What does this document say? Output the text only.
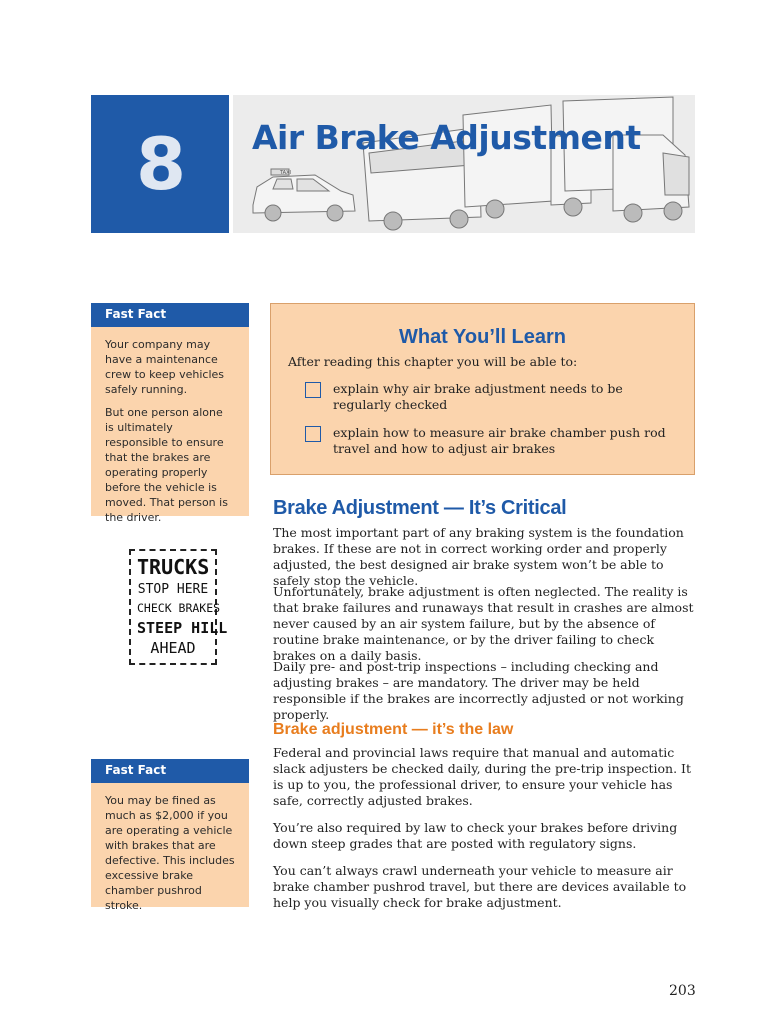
8	TAXI
Air Brake Adjustment
Fast Fact

Your company may have a maintenance crew to keep vehicles safely running.

But one person alone is ultimately responsible to ensure that the brakes are operating properly before the vehicle is moved. That person is the driver.

TRUCKS
STOP HERE
CHECK BRAKES
STEEP HILL
AHEAD
Fast Fact

You may be fined as much as $2,000 if you are operating a vehicle with brakes that are defective. This includes excessive brake chamber pushrod stroke.

What You’ll Learn
After reading this chapter you will be able to:
explain why air brake adjustment needs to be regularly checked
explain how to measure air brake chamber push rod travel and how to adjust air brakes
Brake Adjustment — It’s Critical

The most important part of any braking system is the foundation brakes. If these are not in correct working order and properly adjusted, the best designed air brake system won’t be able to safely stop the vehicle.

Unfortunately, brake adjustment is often neglected. The reality is that brake failures and runaways that result in crashes are almost never caused by an air system failure, but by the absence of routine brake maintenance, or by the driver failing to check brakes on a daily basis.

Daily pre- and post-trip inspections – including checking and adjusting brakes – are mandatory. The driver may be held responsible if the brakes are incorrectly adjusted or not working properly.

Brake adjustment — it’s the law

Federal and provincial laws require that manual and automatic slack adjusters be checked daily, during the pre-trip inspection. It is up to you, the professional driver, to ensure your vehicle has safe, correctly adjusted brakes.

You’re also required by law to check your brakes before driving down steep grades that are posted with regulatory signs.

You can’t always crawl underneath your vehicle to measure air brake chamber pushrod travel, but there are devices available to help you visually check for brake adjustment.

203
